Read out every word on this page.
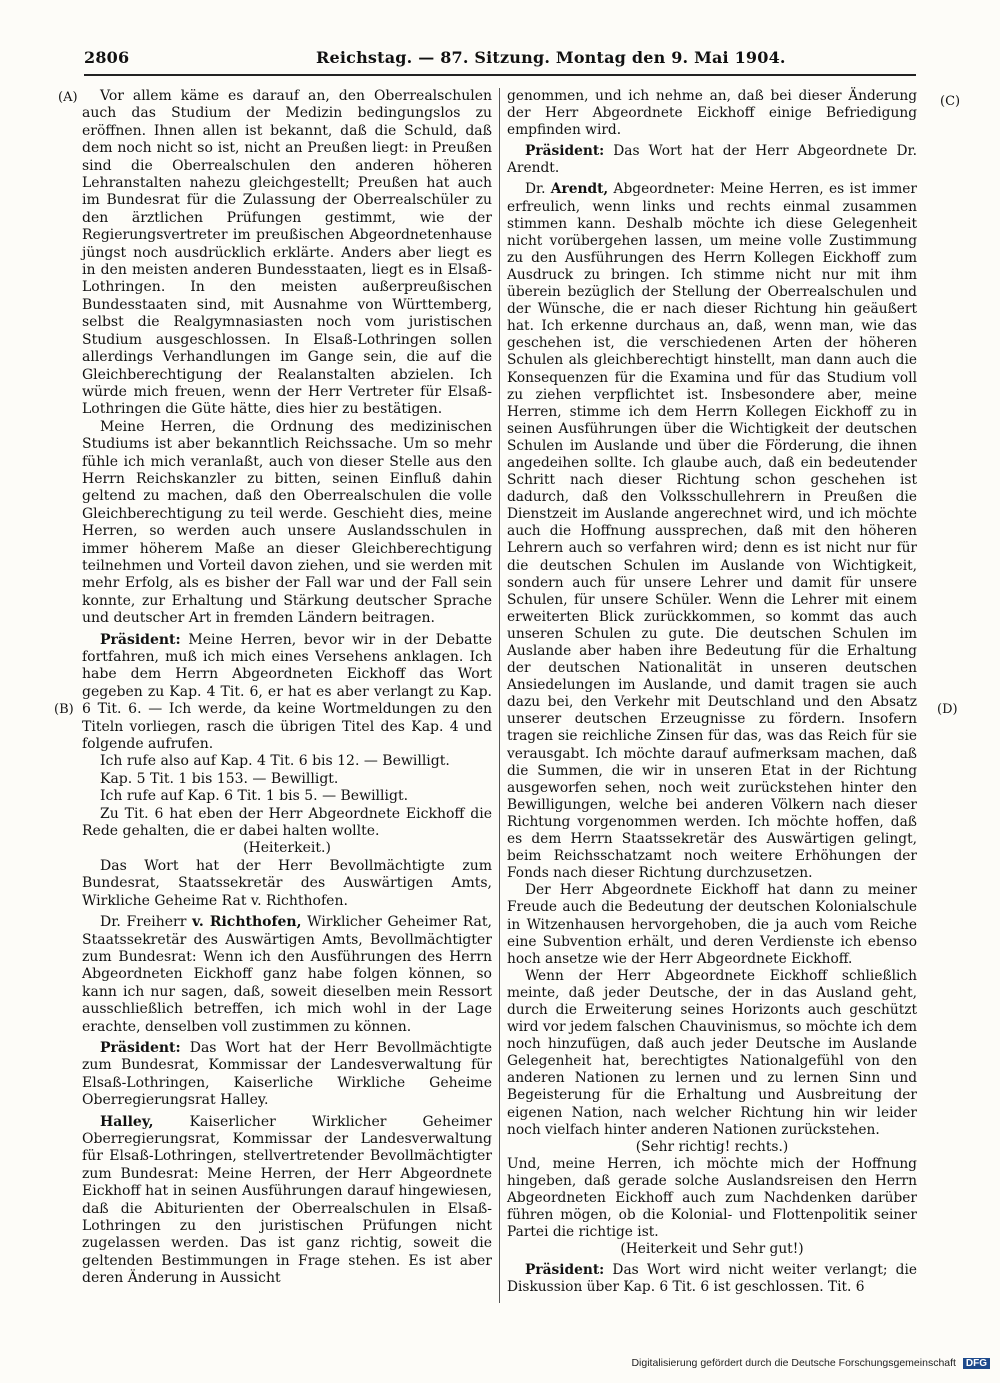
2806	Reichstag. — 87. Sitzung. Montag den 9. Mai 1904.
(A)
(B)
(C)
(D)

Vor allem käme es darauf an, den Oberrealschulen auch das Studium der Medizin bedingungslos zu eröffnen. Ihnen allen ist bekannt, daß die Schuld, daß dem noch nicht so ist, nicht an Preußen liegt: in Preußen sind die Oberrealschulen den anderen höheren Lehranstalten nahezu gleichgestellt; Preußen hat auch im Bundesrat für die Zulassung der Oberrealschüler zu den ärztlichen Prüfungen gestimmt, wie der Regierungsvertreter im preußischen Abgeordnetenhause jüngst noch ausdrücklich erklärte. Anders aber liegt es in den meisten anderen Bundesstaaten, liegt es in Elsaß-Lothringen. In den meisten außerpreußischen Bundesstaaten sind, mit Ausnahme von Württemberg, selbst die Realgymnasiasten noch vom juristischen Studium ausgeschlossen. In Elsaß-Lothringen sollen allerdings Verhandlungen im Gange sein, die auf die Gleichberechtigung der Realanstalten abzielen. Ich würde mich freuen, wenn der Herr Vertreter für Elsaß-Lothringen die Güte hätte, dies hier zu bestätigen.

Meine Herren, die Ordnung des medizinischen Studiums ist aber bekanntlich Reichssache. Um so mehr fühle ich mich veranlaßt, auch von dieser Stelle aus den Herrn Reichskanzler zu bitten, seinen Einfluß dahin geltend zu machen, daß den Oberrealschulen die volle Gleichberechtigung zu teil werde. Geschieht dies, meine Herren, so werden auch unsere Auslandsschulen in immer höherem Maße an dieser Gleichberechtigung teilnehmen und Vorteil davon ziehen, und sie werden mit mehr Erfolg, als es bisher der Fall war und der Fall sein konnte, zur Erhaltung und Stärkung deutscher Sprache und deutscher Art in fremden Ländern beitragen.

Präsident: Meine Herren, bevor wir in der Debatte fortfahren, muß ich mich eines Versehens anklagen. Ich habe dem Herrn Abgeordneten Eickhoff das Wort gegeben zu Kap. 4 Tit. 6, er hat es aber verlangt zu Kap. 6 Tit. 6. — Ich werde, da keine Wortmeldungen zu den Titeln vorliegen, rasch die übrigen Titel des Kap. 4 und folgende aufrufen.

Ich rufe also auf Kap. 4 Tit. 6 bis 12. — Bewilligt.

Kap. 5 Tit. 1 bis 153. — Bewilligt.

Ich rufe auf Kap. 6 Tit. 1 bis 5. — Bewilligt.

Zu Tit. 6 hat eben der Herr Abgeordnete Eickhoff die Rede gehalten, die er dabei halten wollte.

(Heiterkeit.)

Das Wort hat der Herr Bevollmächtigte zum Bundesrat, Staatssekretär des Auswärtigen Amts, Wirkliche Geheime Rat v. Richthofen.

Dr. Freiherr v. Richthofen, Wirklicher Geheimer Rat, Staatssekretär des Auswärtigen Amts, Bevollmächtigter zum Bundesrat: Wenn ich den Ausführungen des Herrn Abgeordneten Eickhoff ganz habe folgen können, so kann ich nur sagen, daß, soweit dieselben mein Ressort ausschließlich betreffen, ich mich wohl in der Lage erachte, denselben voll zustimmen zu können.

Präsident: Das Wort hat der Herr Bevollmächtigte zum Bundesrat, Kommissar der Landesverwaltung für Elsaß-Lothringen, Kaiserliche Wirkliche Geheime Oberregierungsrat Halley.

Halley, Kaiserlicher Wirklicher Geheimer Oberregierungsrat, Kommissar der Landesverwaltung für Elsaß-Lothringen, stellvertretender Bevollmächtigter zum Bundesrat: Meine Herren, der Herr Abgeordnete Eickhoff hat in seinen Ausführungen darauf hingewiesen, daß die Abiturienten der Oberrealschulen in Elsaß-Lothringen zu den juristischen Prüfungen nicht zugelassen werden. Das ist ganz richtig, soweit die geltenden Bestimmungen in Frage stehen. Es ist aber deren Änderung in Aussicht

genommen, und ich nehme an, daß bei dieser Änderung der Herr Abgeordnete Eickhoff einige Befriedigung empfinden wird.

Präsident: Das Wort hat der Herr Abgeordnete Dr. Arendt.

Dr. Arendt, Abgeordneter: Meine Herren, es ist immer erfreulich, wenn links und rechts einmal zusammen stimmen kann. Deshalb möchte ich diese Gelegenheit nicht vorübergehen lassen, um meine volle Zustimmung zu den Ausführungen des Herrn Kollegen Eickhoff zum Ausdruck zu bringen. Ich stimme nicht nur mit ihm überein bezüglich der Stellung der Oberrealschulen und der Wünsche, die er nach dieser Richtung hin geäußert hat. Ich erkenne durchaus an, daß, wenn man, wie das geschehen ist, die verschiedenen Arten der höheren Schulen als gleichberechtigt hinstellt, man dann auch die Konsequenzen für die Examina und für das Studium voll zu ziehen verpflichtet ist. Insbesondere aber, meine Herren, stimme ich dem Herrn Kollegen Eickhoff zu in seinen Ausführungen über die Wichtigkeit der deutschen Schulen im Auslande und über die Förderung, die ihnen angedeihen sollte. Ich glaube auch, daß ein bedeutender Schritt nach dieser Richtung schon geschehen ist dadurch, daß den Volksschullehrern in Preußen die Dienstzeit im Auslande angerechnet wird, und ich möchte auch die Hoffnung aussprechen, daß mit den höheren Lehrern auch so verfahren wird; denn es ist nicht nur für die deutschen Schulen im Auslande von Wichtigkeit, sondern auch für unsere Lehrer und damit für unsere Schulen, für unsere Schüler. Wenn die Lehrer mit einem erweiterten Blick zurückkommen, so kommt das auch unseren Schulen zu gute. Die deutschen Schulen im Auslande aber haben ihre Bedeutung für die Erhaltung der deutschen Nationalität in unseren deutschen Ansiedelungen im Auslande, und damit tragen sie auch dazu bei, den Verkehr mit Deutschland und den Absatz unserer deutschen Erzeugnisse zu fördern. Insofern tragen sie reichliche Zinsen für das, was das Reich für sie verausgabt. Ich möchte darauf aufmerksam machen, daß die Summen, die wir in unseren Etat in der Richtung ausgeworfen sehen, noch weit zurückstehen hinter den Bewilligungen, welche bei anderen Völkern nach dieser Richtung vorgenommen werden. Ich möchte hoffen, daß es dem Herrn Staatssekretär des Auswärtigen gelingt, beim Reichsschatzamt noch weitere Erhöhungen der Fonds nach dieser Richtung durchzusetzen.

Der Herr Abgeordnete Eickhoff hat dann zu meiner Freude auch die Bedeutung der deutschen Kolonialschule in Witzenhausen hervorgehoben, die ja auch vom Reiche eine Subvention erhält, und deren Verdienste ich ebenso hoch ansetze wie der Herr Abgeordnete Eickhoff.

Wenn der Herr Abgeordnete Eickhoff schließlich meinte, daß jeder Deutsche, der in das Ausland geht, durch die Erweiterung seines Horizonts auch geschützt wird vor jedem falschen Chauvinismus, so möchte ich dem noch hinzufügen, daß auch jeder Deutsche im Auslande Gelegenheit hat, berechtigtes Nationalgefühl von den anderen Nationen zu lernen und zu lernen Sinn und Begeisterung für die Erhaltung und Ausbreitung der eigenen Nation, nach welcher Richtung hin wir leider noch vielfach hinter anderen Nationen zurückstehen.

(Sehr richtig! rechts.)

Und, meine Herren, ich möchte mich der Hoffnung hingeben, daß gerade solche Auslandsreisen den Herrn Abgeordneten Eickhoff auch zum Nachdenken darüber führen mögen, ob die Kolonial- und Flottenpolitik seiner Partei die richtige ist.

(Heiterkeit und Sehr gut!)

Präsident: Das Wort wird nicht weiter verlangt; die Diskussion über Kap. 6 Tit. 6 ist geschlossen. Tit. 6

Digitalisierung gefördert durch die Deutsche Forschungsgemeinschaft DFG
